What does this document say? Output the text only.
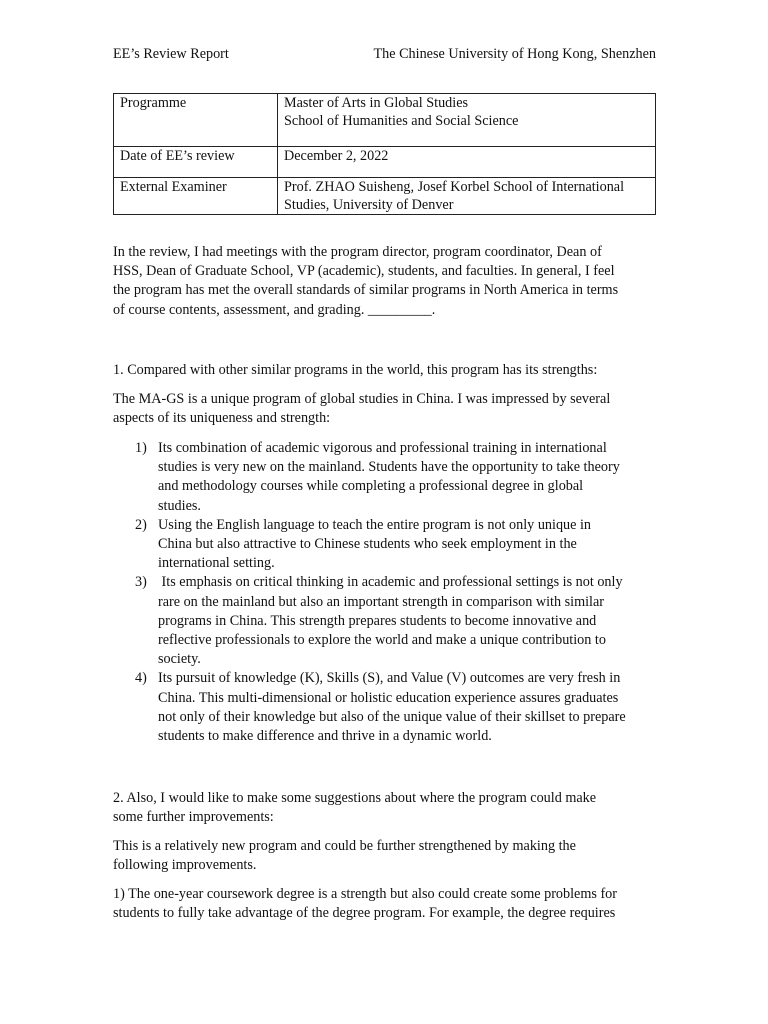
EE’s Review Report	The Chinese University of Hong Kong, Shenzhen
Programme	Master of Arts in Global Studies
School of Humanities and Social Science

Date of EE’s review	December 2, 2022

External Examiner	Prof. ZHAO Suisheng, Josef Korbel School of International
Studies, University of Denver
In the review, I had meetings with the program director, program coordinator, Dean of
HSS, Dean of Graduate School, VP (academic), students, and faculties. In general, I feel
the program has met the overall standards of similar programs in North America in terms
of course contents, assessment, and grading. _________.
1. Compared with other similar programs in the world, this program has its strengths:
The MA-GS is a unique program of global studies in China. I was impressed by several
aspects of its uniqueness and strength:
1) Its combination of academic vigorous and professional training in international
studies is very new on the mainland. Students have the opportunity to take theory
and methodology courses while completing a professional degree in global
studies.
2) Using the English language to teach the entire program is not only unique in
China but also attractive to Chinese students who seek employment in the
international setting.
3) Its emphasis on critical thinking in academic and professional settings is not only
rare on the mainland but also an important strength in comparison with similar
programs in China. This strength prepares students to become innovative and
reflective professionals to explore the world and make a unique contribution to
society.
4) Its pursuit of knowledge (K), Skills (S), and Value (V) outcomes are very fresh in
China. This multi-dimensional or holistic education experience assures graduates
not only of their knowledge but also of the unique value of their skillset to prepare
students to make difference and thrive in a dynamic world.
2. Also, I would like to make some suggestions about where the program could make
some further improvements:
This is a relatively new program and could be further strengthened by making the
following improvements.
1) The one-year coursework degree is a strength but also could create some problems for
students to fully take advantage of the degree program. For example, the degree requires
